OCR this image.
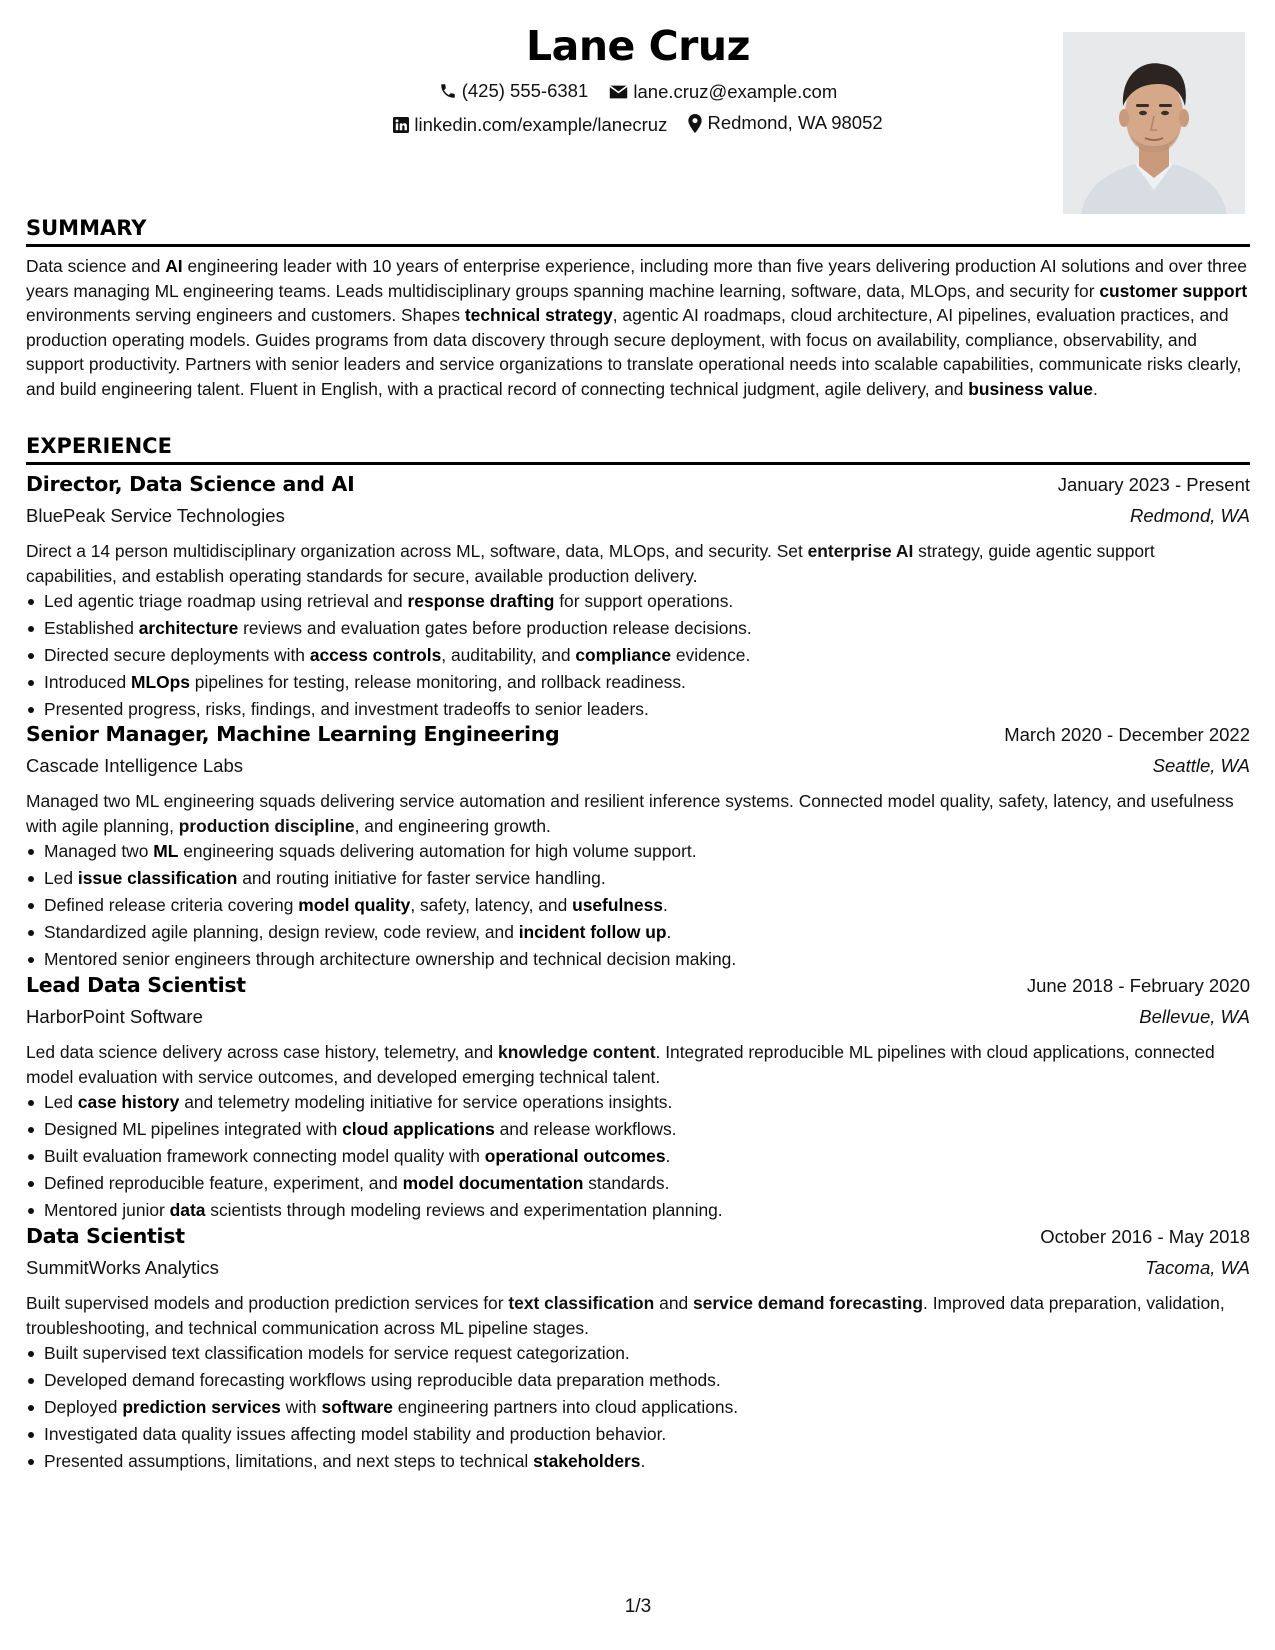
Lane Cruz
(425) 555-6381
lane.cruz@example.com
linkedin.com/example/lanecruz
Redmond, WA 98052
SUMMARY
Data science and AI engineering leader with 10 years of enterprise experience, including more than five years delivering production AI solutions and over three years managing ML engineering teams. Leads multidisciplinary groups spanning machine learning, software, data, MLOps, and security for customer support environments serving engineers and customers. Shapes technical strategy, agentic AI roadmaps, cloud architecture, AI pipelines, evaluation practices, and production operating models. Guides programs from data discovery through secure deployment, with focus on availability, compliance, observability, and support productivity. Partners with senior leaders and service organizations to translate operational needs into scalable capabilities, communicate risks clearly, and build engineering talent. Fluent in English, with a practical record of connecting technical judgment, agile delivery, and business value.
EXPERIENCE
Director, Data Science and AI	January 2023 - Present
BluePeak Service Technologies	Redmond, WA
Direct a 14 person multidisciplinary organization across ML, software, data, MLOps, and security. Set enterprise AI strategy, guide agentic support capabilities, and establish operating standards for secure, available production delivery.
Led agentic triage roadmap using retrieval and response drafting for support operations.
Established architecture reviews and evaluation gates before production release decisions.
Directed secure deployments with access controls, auditability, and compliance evidence.
Introduced MLOps pipelines for testing, release monitoring, and rollback readiness.
Presented progress, risks, findings, and investment tradeoffs to senior leaders.
Senior Manager, Machine Learning Engineering	March 2020 - December 2022
Cascade Intelligence Labs	Seattle, WA
Managed two ML engineering squads delivering service automation and resilient inference systems. Connected model quality, safety, latency, and usefulness with agile planning, production discipline, and engineering growth.
Managed two ML engineering squads delivering automation for high volume support.
Led issue classification and routing initiative for faster service handling.
Defined release criteria covering model quality, safety, latency, and usefulness.
Standardized agile planning, design review, code review, and incident follow up.
Mentored senior engineers through architecture ownership and technical decision making.
Lead Data Scientist	June 2018 - February 2020
HarborPoint Software	Bellevue, WA
Led data science delivery across case history, telemetry, and knowledge content. Integrated reproducible ML pipelines with cloud applications, connected model evaluation with service outcomes, and developed emerging technical talent.
Led case history and telemetry modeling initiative for service operations insights.
Designed ML pipelines integrated with cloud applications and release workflows.
Built evaluation framework connecting model quality with operational outcomes.
Defined reproducible feature, experiment, and model documentation standards.
Mentored junior data scientists through modeling reviews and experimentation planning.
Data Scientist	October 2016 - May 2018
SummitWorks Analytics	Tacoma, WA
Built supervised models and production prediction services for text classification and service demand forecasting. Improved data preparation, validation, troubleshooting, and technical communication across ML pipeline stages.
Built supervised text classification models for service request categorization.
Developed demand forecasting workflows using reproducible data preparation methods.
Deployed prediction services with software engineering partners into cloud applications.
Investigated data quality issues affecting model stability and production behavior.
Presented assumptions, limitations, and next steps to technical stakeholders.
1/3
